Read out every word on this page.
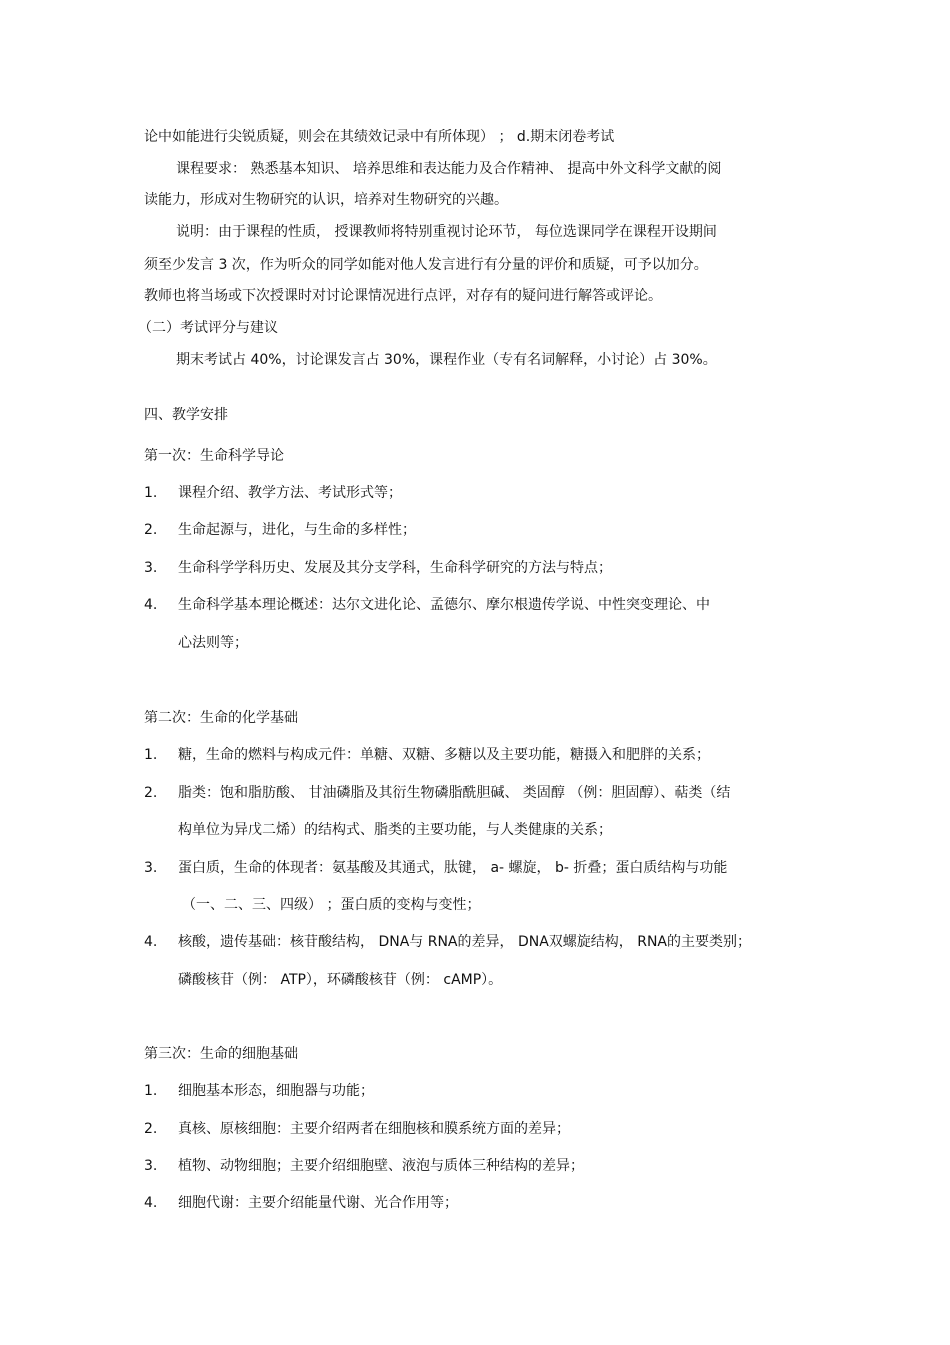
论中如能进行尖锐质疑，则会在其绩效记录中有所体现） ； d.期末闭卷考试
课程要求： 熟悉基本知识、 培养思维和表达能力及合作精神、 提高中外文科学文献的阅
读能力，形成对生物研究的认识，培养对生物研究的兴趣。
说明：由于课程的性质， 授课教师将特别重视讨论环节， 每位选课同学在课程开设期间
须至少发言 3 次，作为听众的同学如能对他人发言进行有分量的评价和质疑，可予以加分。
教师也将当场或下次授课时对讨论课情况进行点评，对存有的疑问进行解答或评论。
（二）考试评分与建议
期末考试占 40%，讨论课发言占 30%，课程作业（专有名词解释，小讨论）占 30%。
四、教学安排
第一次：生命科学导论
1. 课程介绍、教学方法、考试形式等；
2. 生命起源与，进化，与生命的多样性；
3. 生命科学学科历史、发展及其分支学科，生命科学研究的方法与特点；
4. 生命科学基本理论概述：达尔文进化论、孟德尔、摩尔根遗传学说、中性突变理论、中
心法则等；
第二次：生命的化学基础
1. 糖，生命的燃料与构成元件：单糖、双糖、多糖以及主要功能，糖摄入和肥胖的关系；
2. 脂类：饱和脂肪酸、 甘油磷脂及其衍生物磷脂酰胆碱、 类固醇 （例：胆固醇）、萜类（结
构单位为异戊二烯）的结构式、脂类的主要功能，与人类健康的关系；
3. 蛋白质，生命的体现者：氨基酸及其通式，肽键， a- 螺旋， b- 折叠；蛋白质结构与功能
（一、二、三、四级） ；蛋白质的变构与变性；
4. 核酸，遗传基础：核苷酸结构， DNA与 RNA的差异， DNA双螺旋结构， RNA的主要类别；
磷酸核苷（例： ATP），环磷酸核苷（例： cAMP）。
第三次：生命的细胞基础
1. 细胞基本形态，细胞器与功能；
2. 真核、原核细胞：主要介绍两者在细胞核和膜系统方面的差异；
3. 植物、动物细胞；主要介绍细胞壁、液泡与质体三种结构的差异；
4. 细胞代谢：主要介绍能量代谢、光合作用等；
